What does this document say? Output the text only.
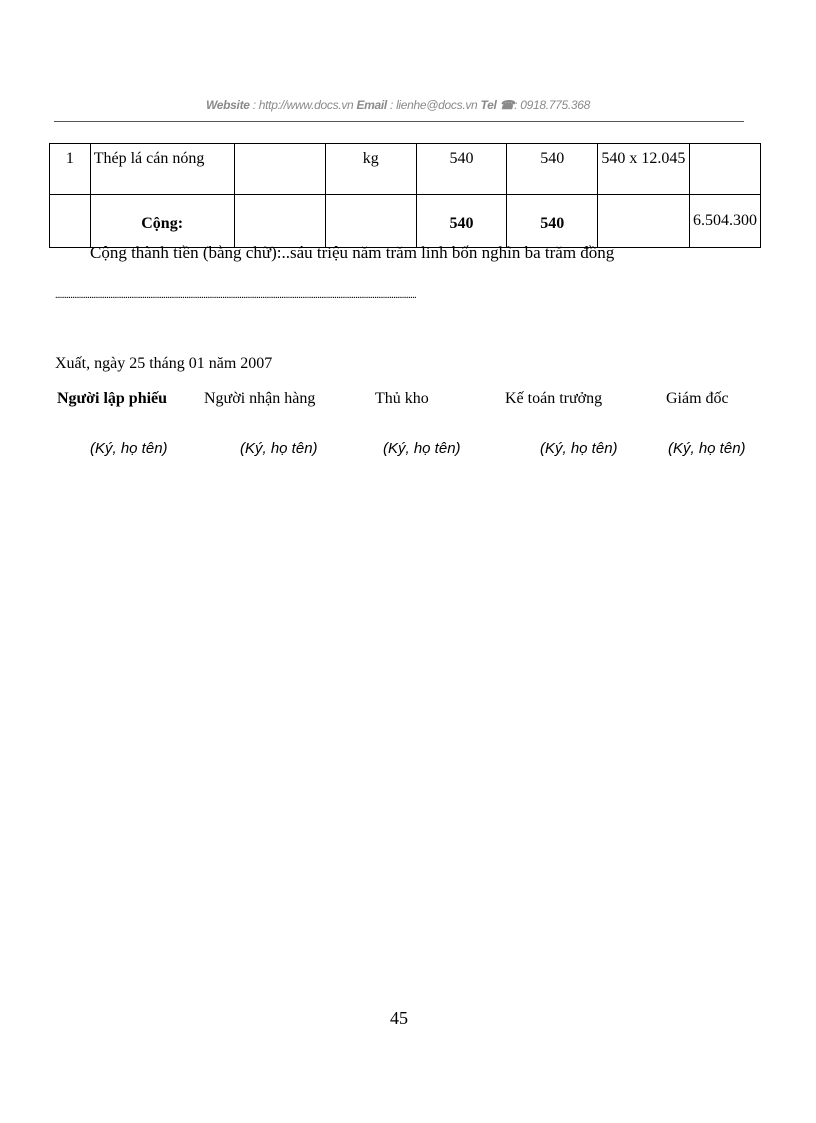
Website : http://www.docs.vn Email : lienhe@docs.vn Tel ☎: 0918.775.368
1	Thép lá cán nóng		kg	540	540	540 x 12.045	
	Cộng:			540	540		6.504.300
Cộng thành tiền (bằng chữ):..sáu triệu năm trăm linh bốn nghìn ba trăm đồng
..............................................................................................................................................................................................
Xuất, ngày 25 tháng 01 năm 2007
Người lập phiếu Người nhận hàng	Thủ kho	Kế toán trưởng	Giám đốc
(Ký, họ tên)	(Ký, họ tên)	(Ký, họ tên)	(Ký, họ tên)	(Ký, họ tên)
45
